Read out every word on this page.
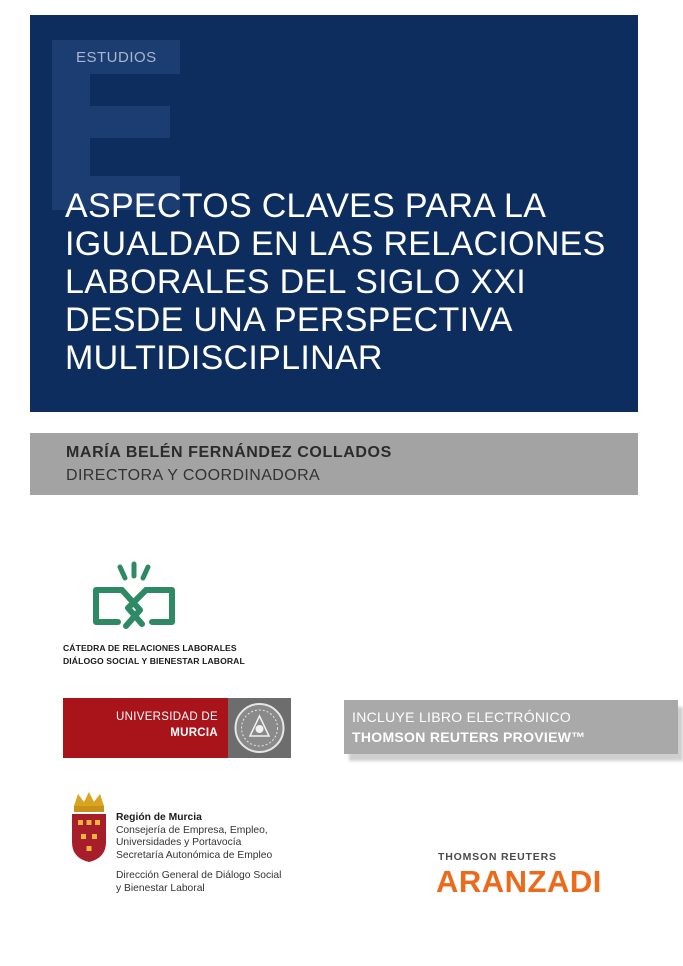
ESTUDIOS
ASPECTOS CLAVES PARA LA
IGUALDAD EN LAS RELACIONES
LABORALES DEL SIGLO XXI
DESDE UNA PERSPECTIVA
MULTIDISCIPLINAR
MARÍA BELÉN FERNÁNDEZ COLLADOS
DIRECTORA Y COORDINADORA
CÁTEDRA DE RELACIONES LABORALES
DIÁLOGO SOCIAL Y BIENESTAR LABORAL
UNIVERSIDAD DE
MURCIA
INCLUYE LIBRO ELECTRÓNICO
THOMSON REUTERS PROVIEW™
Región de Murcia
Consejería de Empresa, Empleo,
Universidades y Portavocía
Secretaría Autonómica de Empleo
Dirección General de Diálogo Social
y Bienestar Laboral
THOMSON REUTERS
ARANZADI
